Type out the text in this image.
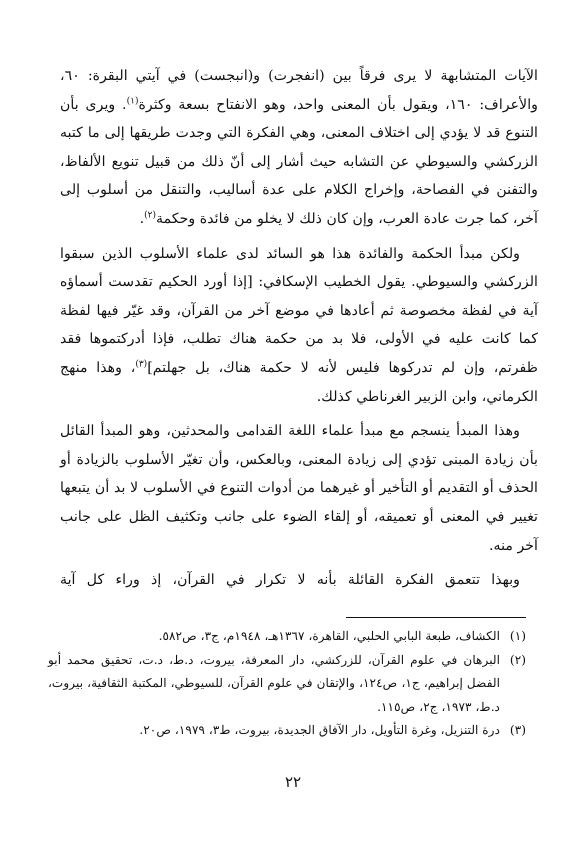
الآيات المتشابهة لا يرى فرقاً بين (انفجرت) و(انبجست) في آيتي البقرة: ٦٠، والأعراف: ١٦٠، ويقول بأن المعنى واحد، وهو الانفتاح بسعة وكثرة$^{(١)}$. ويرى بأن التنوع قد لا يؤدي إلى اختلاف المعنى، وهي الفكرة التي وجدت طريقها إلى ما كتبه الزركشي والسيوطي عن التشابه حيث أشار إلى أنّ ذلك من قبيل تنويع الألفاظ، والتفنن في الفصاحة، وإخراج الكلام على عدة أساليب، والتنقل من أسلوب إلى آخر، كما جرت عادة العرب، وإن كان ذلك لا يخلو من فائدة وحكمة$^{(٢)}$.

ولكن مبدأ الحكمة والفائدة هذا هو السائد لدى علماء الأسلوب الذين سبقوا الزركشي والسيوطي. يقول الخطيب الإسكافي: [إذا أورد الحكيم تقدست أسماؤه آية في لفظة مخصوصة ثم أعادها في موضع آخر من القرآن، وقد غيّر فيها لفظة كما كانت عليه في الأولى، فلا بد من حكمة هناك تطلب، فإذا أدركتموها فقد ظفرتم، وإن لم تدركوها فليس لأنه لا حكمة هناك، بل جهلتم]$^{(٣)}$، وهذا منهج الكرماني، وابن الزبير الغرناطي كذلك.

وهذا المبدأ ينسجم مع مبدأ علماء اللغة القدامى والمحدثين، وهو المبدأ القائل بأن زيادة المبنى تؤدي إلى زيادة المعنى، وبالعكس، وأن تغيّر الأسلوب بالزيادة أو الحذف أو التقديم أو التأخير أو غيرهما من أدوات التنوع في الأسلوب لا بد أن يتبعها تغيير في المعنى أو تعميقه، أو إلقاء الضوء على جانب وتكثيف الظل على جانب آخر منه.

وبهذا تتعمق الفكرة القائلة بأنه لا تكرار في القرآن، إذ وراء كل آية

(١)
الكشاف، طبعة البابي الحلبي، القاهرة، ١٣٦٧هـ، ١٩٤٨م، ج٣، ص٥٨٢.
(٢)
البرهان في علوم القرآن، للزركشي، دار المعرفة، بيروت، د.ط، د.ت، تحقيق محمد أبو الفضل إبراهيم، ج١، ص١٢٤، والإتقان في علوم القرآن، للسيوطي، المكتبة الثقافية، بيروت، د.ط، ١٩٧٣، ج٢، ص١١٥.
(٣)
درة التنزيل، وغرة التأويل، دار الآفاق الجديدة، بيروت، ط٣، ١٩٧٩، ص٢٠.
٢٢
